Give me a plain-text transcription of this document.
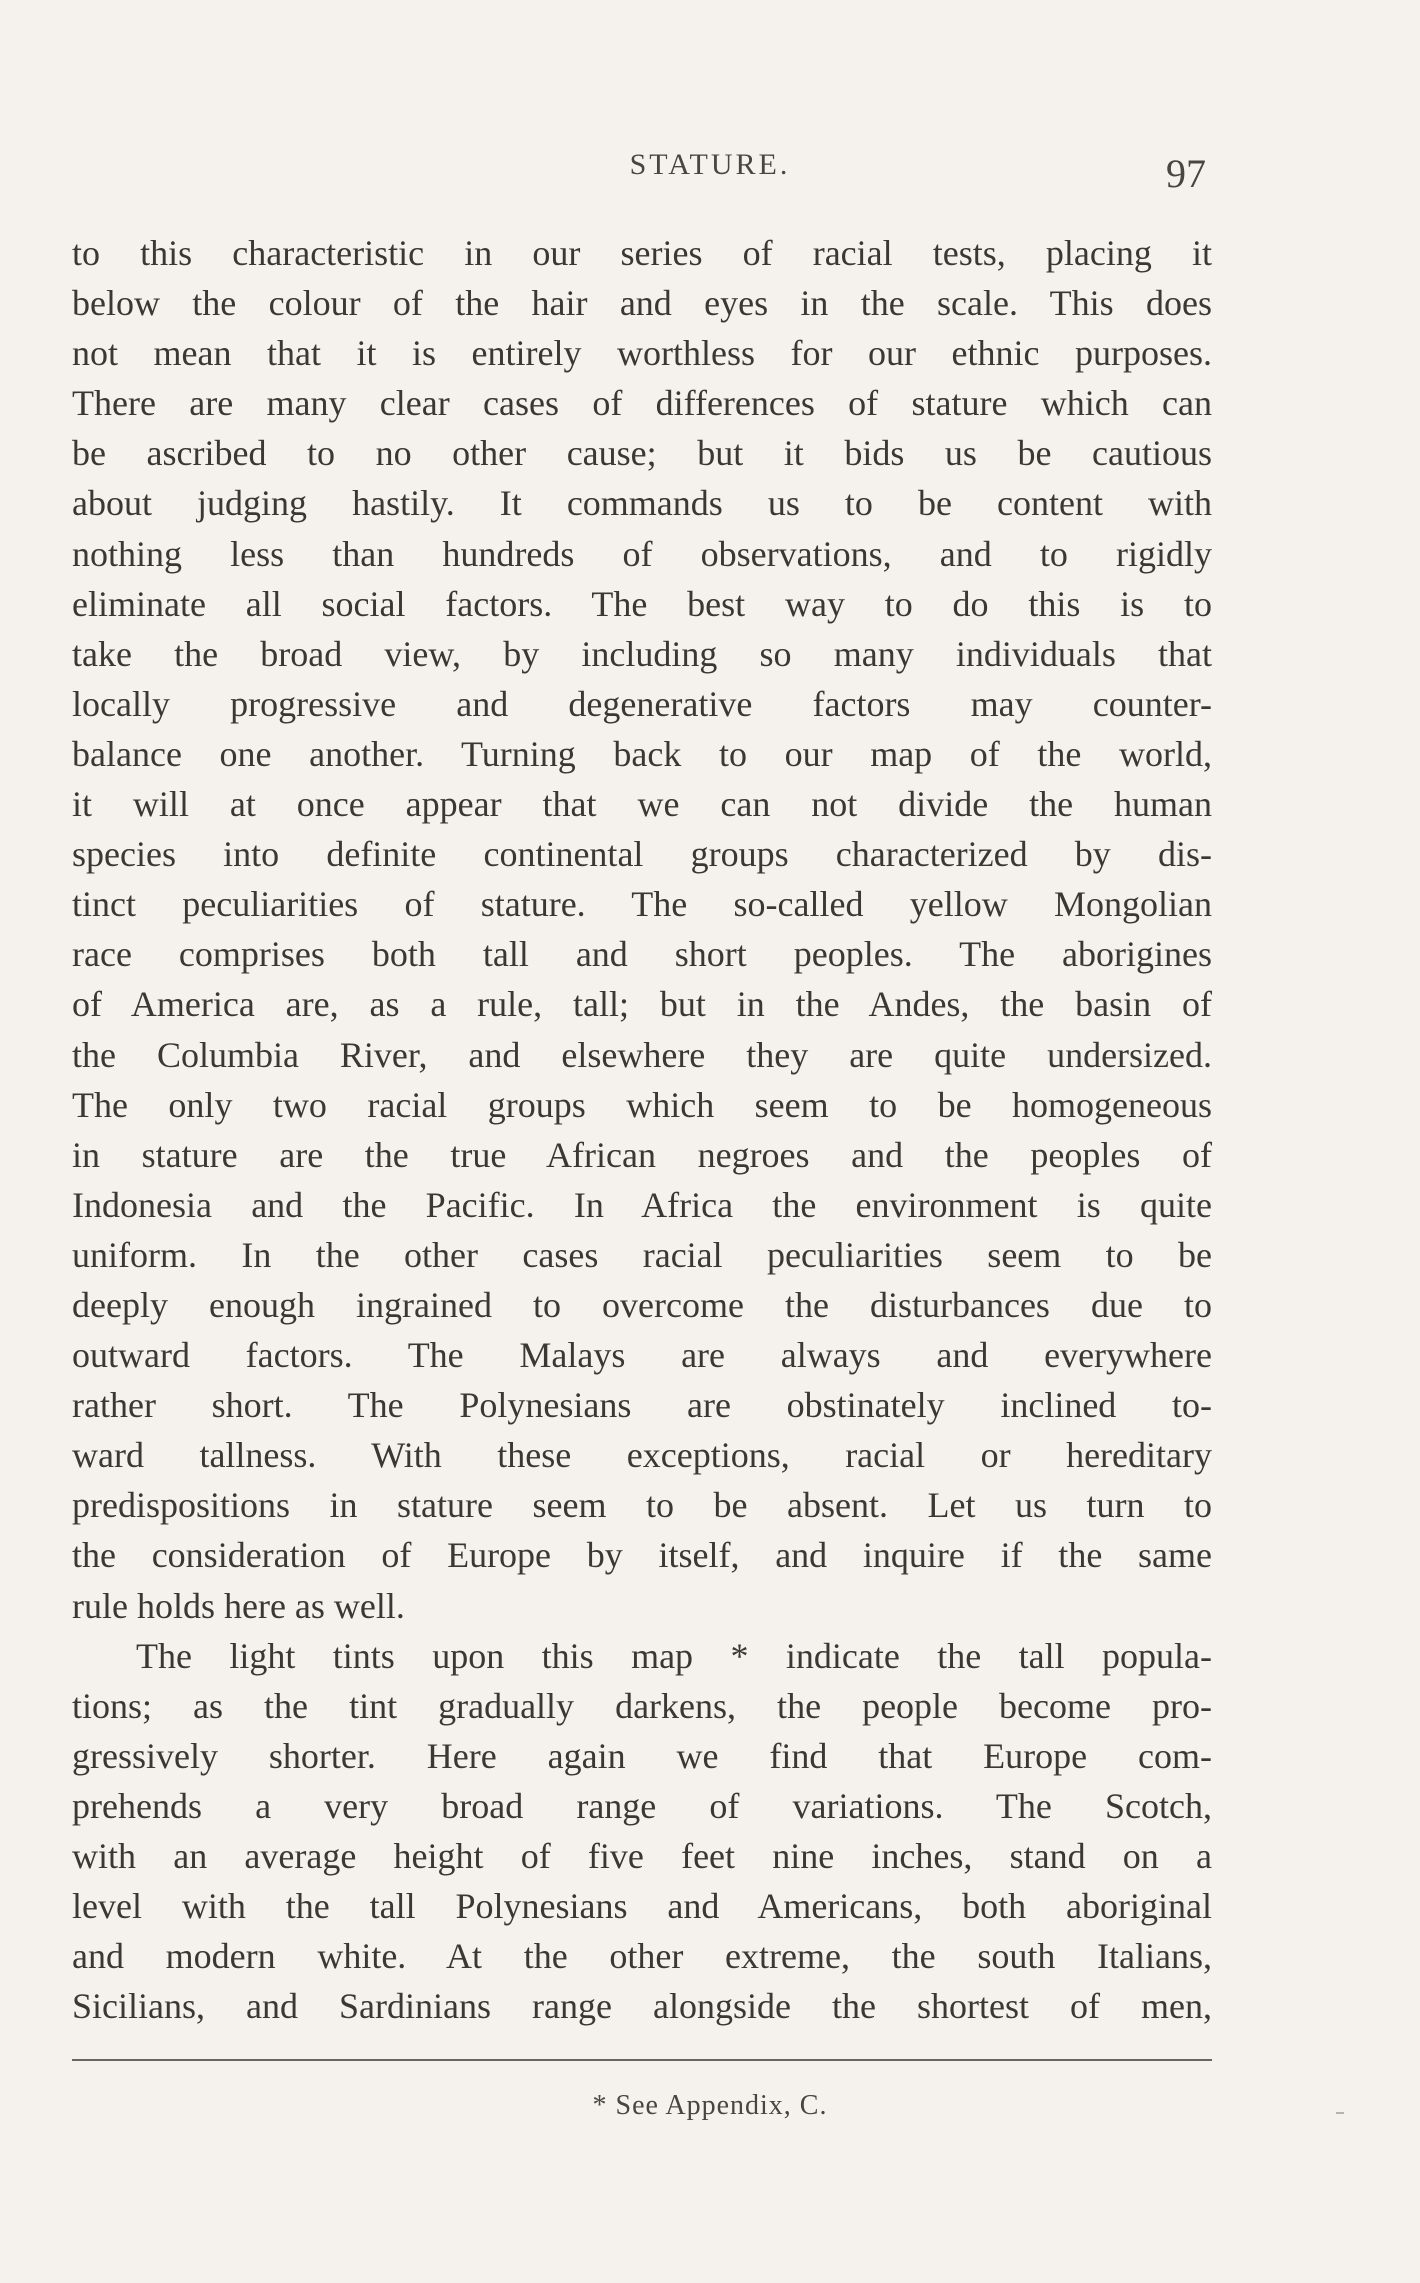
STATURE.	97
to this characteristic in our series of racial tests, placing it
below the colour of the hair and eyes in the scale. This does
not mean that it is entirely worthless for our ethnic purposes.
There are many clear cases of differences of stature which can
be ascribed to no other cause; but it bids us be cautious
about judging hastily. It commands us to be content with
nothing less than hundreds of observations, and to rigidly
eliminate all social factors. The best way to do this is to
take the broad view, by including so many individuals that
locally progressive and degenerative factors may counter-
balance one another. Turning back to our map of the world,
it will at once appear that we can not divide the human
species into definite continental groups characterized by dis-
tinct peculiarities of stature. The so-called yellow Mongolian
race comprises both tall and short peoples. The aborigines
of America are, as a rule, tall; but in the Andes, the basin of
the Columbia River, and elsewhere they are quite undersized.
The only two racial groups which seem to be homogeneous
in stature are the true African negroes and the peoples of
Indonesia and the Pacific. In Africa the environment is quite
uniform. In the other cases racial peculiarities seem to be
deeply enough ingrained to overcome the disturbances due to
outward factors. The Malays are always and everywhere
rather short. The Polynesians are obstinately inclined to-
ward tallness. With these exceptions, racial or hereditary
predispositions in stature seem to be absent. Let us turn to
the consideration of Europe by itself, and inquire if the same
rule holds here as well.
The light tints upon this map * indicate the tall popula-
tions; as the tint gradually darkens, the people become pro-
gressively shorter. Here again we find that Europe com-
prehends a very broad range of variations. The Scotch,
with an average height of five feet nine inches, stand on a
level with the tall Polynesians and Americans, both aboriginal
and modern white. At the other extreme, the south Italians,
Sicilians, and Sardinians range alongside the shortest of men,
* See Appendix, C.
